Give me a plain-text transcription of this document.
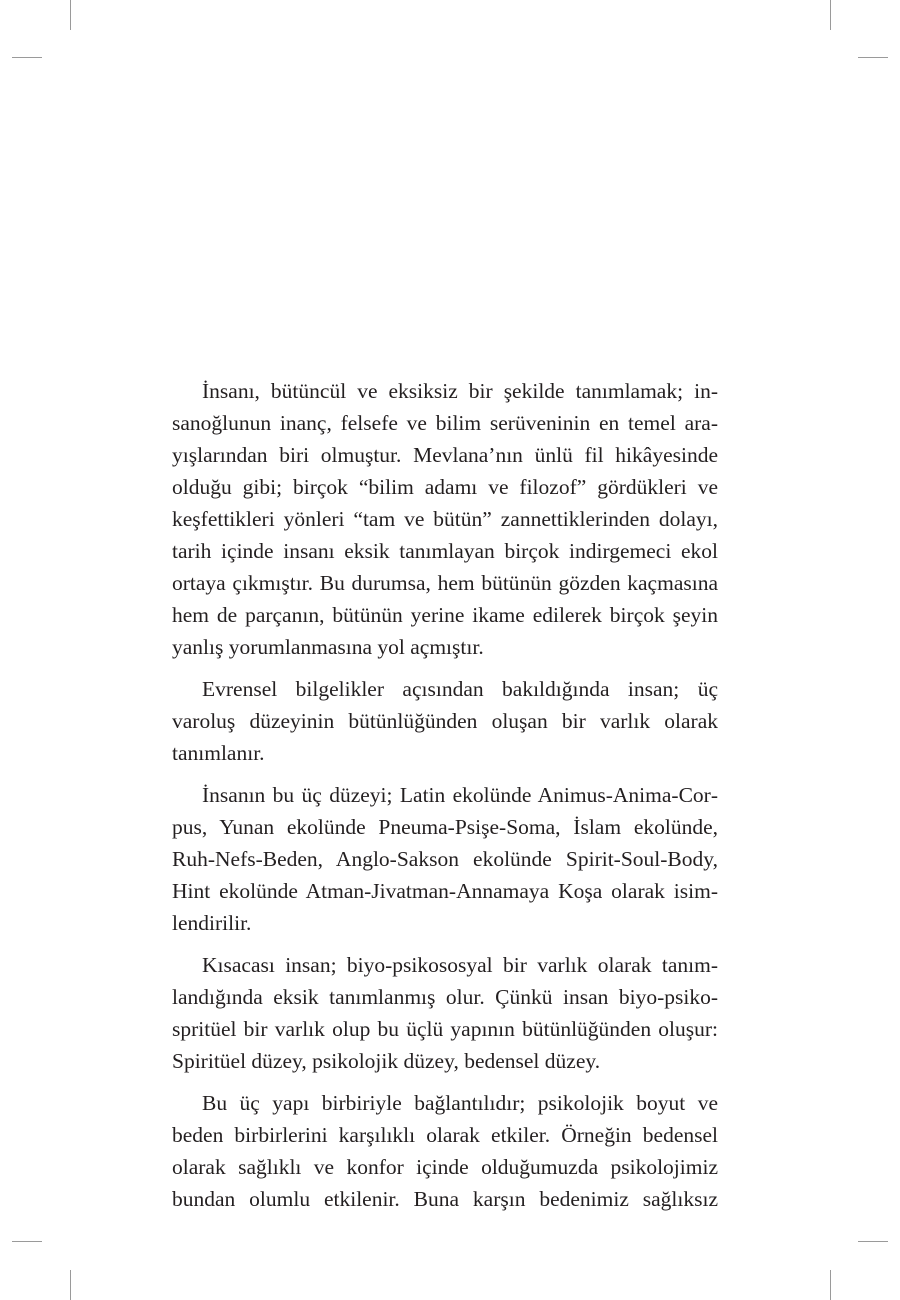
İnsanı, bütüncül ve eksiksiz bir şekilde tanımlamak; insanoğlunun inanç, felsefe ve bilim serüveninin en temel arayışlarından biri olmuştur. Mevlana’nın ünlü fil hikâyesinde olduğu gibi; birçok “bilim adamı ve filozof” gördükleri ve keşfettikleri yönleri “tam ve bütün” zannettiklerinden dolayı, tarih içinde insanı eksik tanımlayan birçok indirgemeci ekol ortaya çıkmıştır. Bu durumsa, hem bütünün gözden kaçmasına hem de parçanın, bütünün yerine ikame edilerek birçok şeyin yanlış yorumlanmasına yol açmıştır.

Evrensel bilgelikler açısından bakıldığında insan; üç varoluş düzeyinin bütünlüğünden oluşan bir varlık olarak tanımlanır.

İnsanın bu üç düzeyi; Latin ekolünde Animus-Anima-Corpus, Yunan ekolünde Pneuma-Psişe-Soma, İslam ekolünde, Ruh-Nefs-Beden, Anglo-Sakson ekolünde Spirit-Soul-Body, Hint ekolünde Atman-Jivatman-Annamaya Koşa olarak isimlendirilir.

Kısacası insan; biyo-psikososyal bir varlık olarak tanımlandığında eksik tanımlanmış olur. Çünkü insan biyo-psikospritüel bir varlık olup bu üçlü yapının bütünlüğünden oluşur: Spiritüel düzey, psikolojik düzey, bedensel düzey.

Bu üç yapı birbiriyle bağlantılıdır; psikolojik boyut ve beden birbirlerini karşılıklı olarak etkiler. Örneğin bedensel olarak sağlıklı ve konfor içinde olduğumuzda psikolojimiz bundan olumlu etkilenir. Buna karşın bedenimiz sağlıksız
